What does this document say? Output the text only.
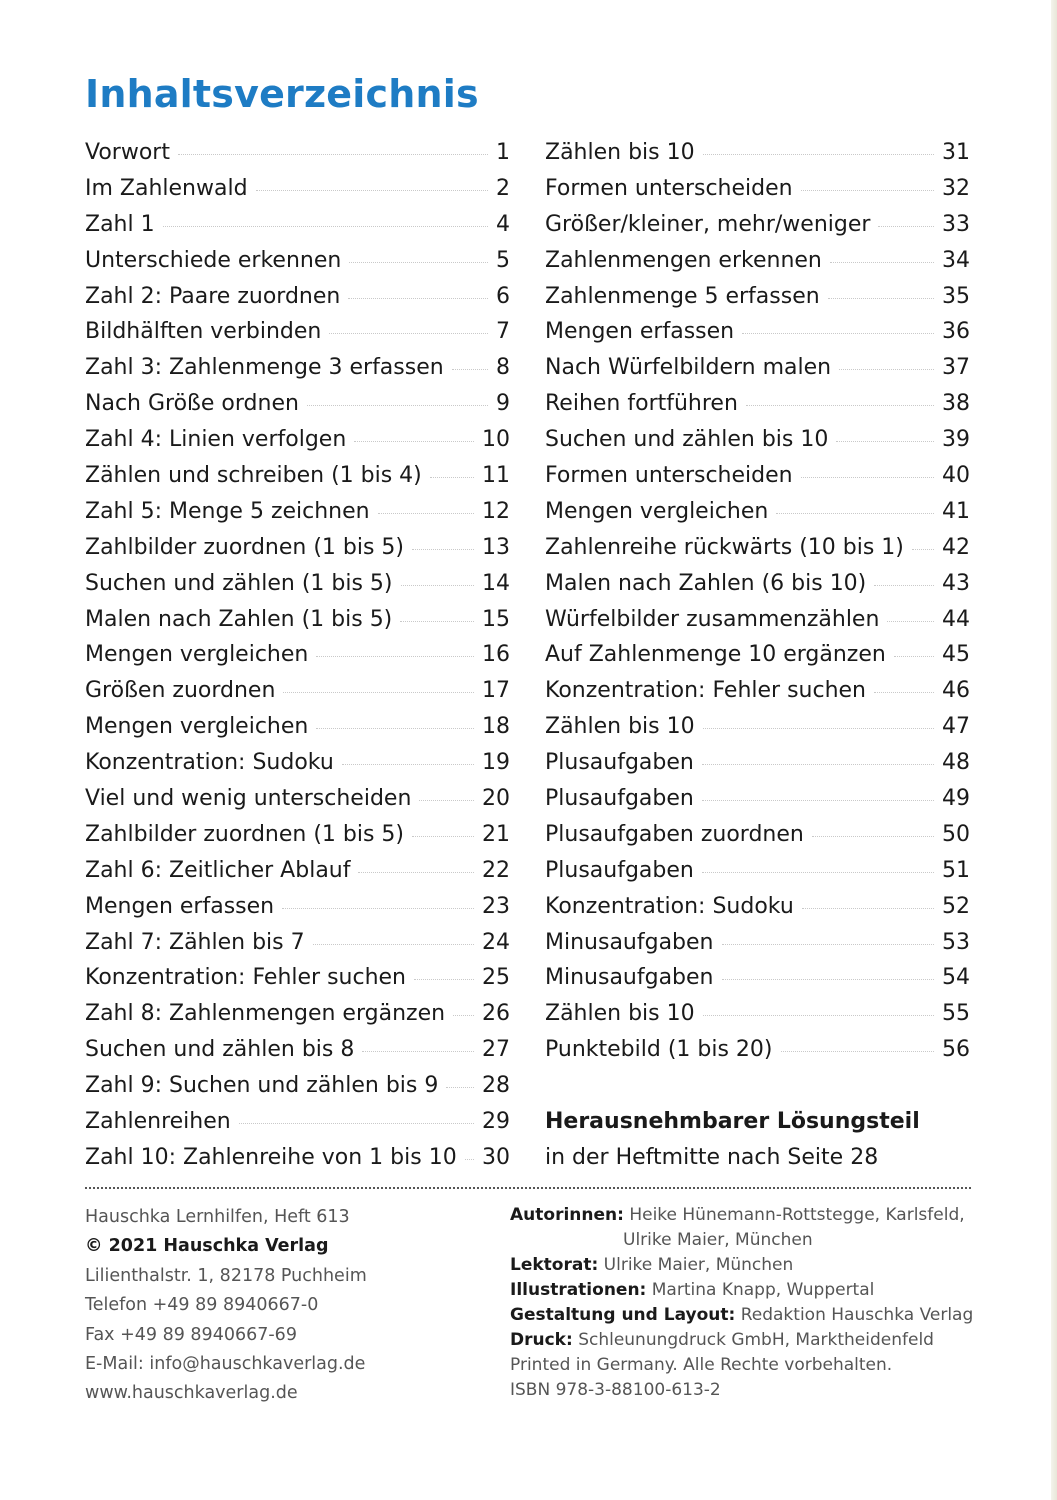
Inhaltsverzeichnis
Vorwort	1
Im Zahlenwald	2
Zahl 1	4
Unterschiede erkennen	5
Zahl 2: Paare zuordnen	6
Bildhälften verbinden	7
Zahl 3: Zahlenmenge 3 erfassen 8
Nach Größe ordnen	9
Zahl 4: Linien verfolgen	10
Zählen und schreiben (1 bis 4)	11
Zahl 5: Menge 5 zeichnen	12
Zahlbilder zuordnen (1 bis 5)	13
Suchen und zählen (1 bis 5)	14
Malen nach Zahlen (1 bis 5)	15
Mengen vergleichen	16
Größen zuordnen	17
Mengen vergleichen	18
Konzentration: Sudoku	19
Viel und wenig unterscheiden	20
Zahlbilder zuordnen (1 bis 5)	21
Zahl 6: Zeitlicher Ablauf	22
Mengen erfassen	23
Zahl 7: Zählen bis 7	24
Konzentration: Fehler suchen	25
Zahl 8: Zahlenmengen ergänzen 26
Suchen und zählen bis 8	27
Zahl 9: Suchen und zählen bis 9 28
Zahlenreihen	29
Zahl 10: Zahlenreihe von 1 bis 10 30
Zählen bis 10	31
Formen unterscheiden	32
Größer/kleiner, mehr/weniger	33
Zahlenmengen erkennen	34
Zahlenmenge 5 erfassen	35
Mengen erfassen	36
Nach Würfelbildern malen	37
Reihen fortführen	38
Suchen und zählen bis 10	39
Formen unterscheiden	40
Mengen vergleichen	41
Zahlenreihe rückwärts (10 bis 1) 42
Malen nach Zahlen (6 bis 10)	43
Würfelbilder zusammenzählen	44
Auf Zahlenmenge 10 ergänzen	45
Konzentration: Fehler suchen	46
Zählen bis 10	47
Plusaufgaben	48
Plusaufgaben	49
Plusaufgaben zuordnen	50
Plusaufgaben	51
Konzentration: Sudoku	52
Minusaufgaben	53
Minusaufgaben	54
Zählen bis 10	55
Punktebild (1 bis 20)	56
Herausnehmbarer Lösungsteil
in der Heftmitte nach Seite 28
Hauschka Lernhilfen, Heft 613
© 2021 Hauschka Verlag
Lilienthalstr. 1, 82178 Puchheim
Telefon +49 89 8940667-0
Fax +49 89 8940667-69
E-Mail: info@hauschkaverlag.de
www.hauschkaverlag.de
Autorinnen: Heike Hünemann-Rottstegge, Karlsfeld,
Ulrike Maier, München
Lektorat: Ulrike Maier, München
Illustrationen: Martina Knapp, Wuppertal
Gestaltung und Layout: Redaktion Hauschka Verlag
Druck: Schleunungdruck GmbH, Marktheidenfeld
Printed in Germany. Alle Rechte vorbehalten.
ISBN 978-3-88100-613-2
